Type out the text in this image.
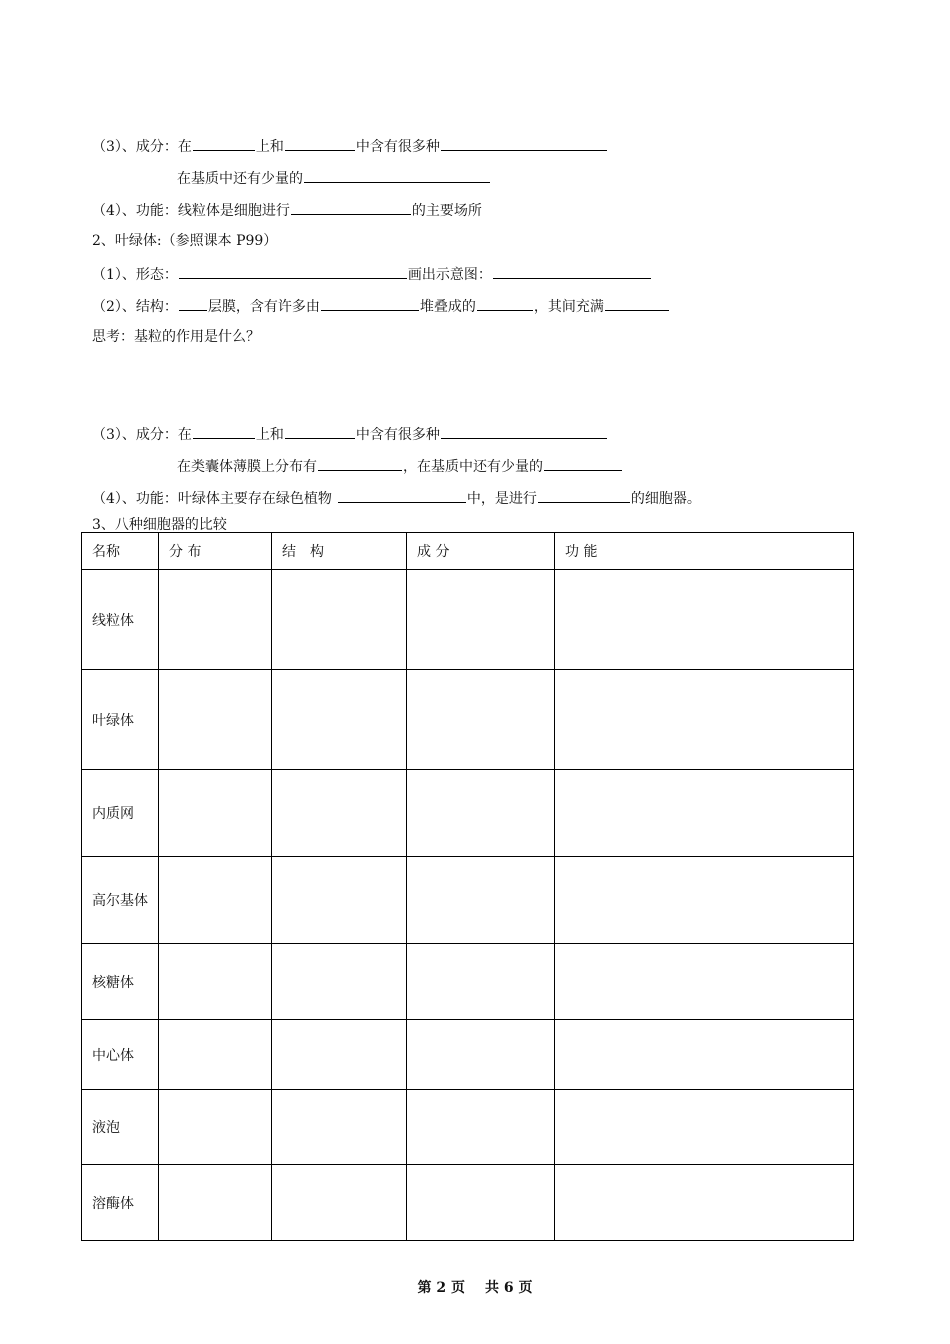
（3）、成分：在	上和	中含有很多种
在基质中还有少量的
（4）、功能：线粒体是细胞进行	的主要场所
2、叶绿体:（参照课本 P99）
（1）、形态：	画出示意图：
（2）、结构： 层膜，含有许多由	堆叠成的	，其间充满
思考：基粒的作用是什么？
（3）、成分：在	上和	中含有很多种
在类囊体薄膜上分布有	，在基质中还有少量的
（4）、功能：叶绿体主要存在绿色植物	中，是进行	的细胞器。
3、八种细胞器的比较
名称	分 布	结　构	成 分	功 能
线粒体				
叶绿体				
内质网				
高尔基体				
核糖体				
中心体				
液泡				
溶酶体				
第 2 页 共 6 页
